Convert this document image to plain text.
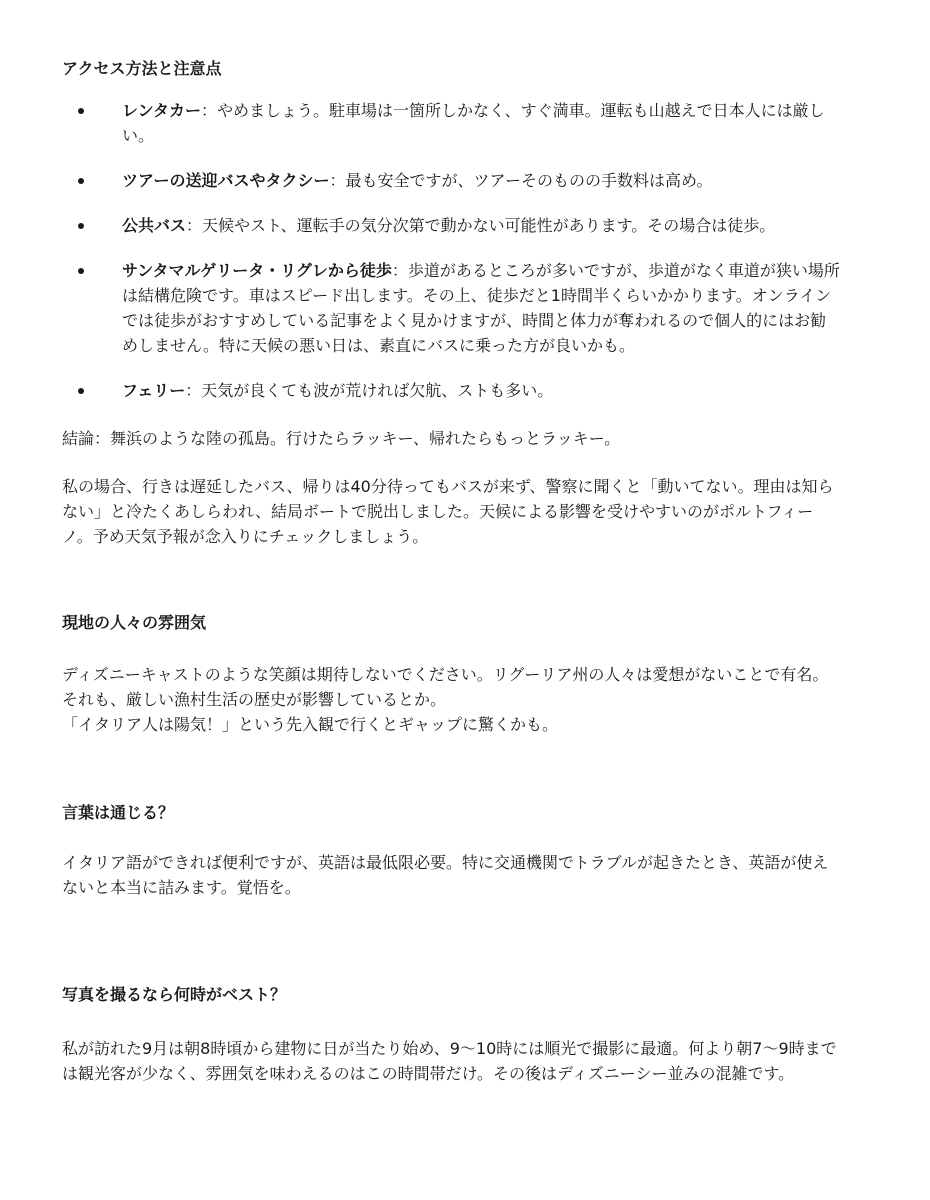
アクセス方法と注意点
レンタカー：やめましょう。駐車場は一箇所しかなく、すぐ満車。運転も山越えで日本人には厳しい。
ツアーの送迎バスやタクシー：最も安全ですが、ツアーそのものの手数料は高め。
公共バス：天候やスト、運転手の気分次第で動かない可能性があります。その場合は徒歩。
サンタマルゲリータ・リグレから徒歩：歩道があるところが多いですが、歩道がなく車道が狭い場所は結構危険です。車はスピード出します。その上、徒歩だと1時間半くらいかかります。オンラインでは徒歩がおすすめしている記事をよく見かけますが、時間と体力が奪われるので個人的にはお勧めしません。特に天候の悪い日は、素直にバスに乗った方が良いかも。
フェリー：天気が良くても波が荒ければ欠航、ストも多い。

結論：舞浜のような陸の孤島。行けたらラッキー、帰れたらもっとラッキー。

私の場合、行きは遅延したバス、帰りは40分待ってもバスが来ず、警察に聞くと「動いてない。理由は知らない」と冷たくあしらわれ、結局ボートで脱出しました。天候による影響を受けやすいのがポルトフィーノ。予め天気予報が念入りにチェックしましょう。

現地の人々の雰囲気

ディズニーキャストのような笑顔は期待しないでください。リグーリア州の人々は愛想がないことで有名。それも、厳しい漁村生活の歴史が影響しているとか。
「イタリア人は陽気！」という先入観で行くとギャップに驚くかも。

言葉は通じる？

イタリア語ができれば便利ですが、英語は最低限必要。特に交通機関でトラブルが起きたとき、英語が使えないと本当に詰みます。覚悟を。

写真を撮るなら何時がベスト？

私が訪れた9月は朝8時頃から建物に日が当たり始め、9〜10時には順光で撮影に最適。何より朝7〜9時までは観光客が少なく、雰囲気を味わえるのはこの時間帯だけ。その後はディズニーシー並みの混雑です。
